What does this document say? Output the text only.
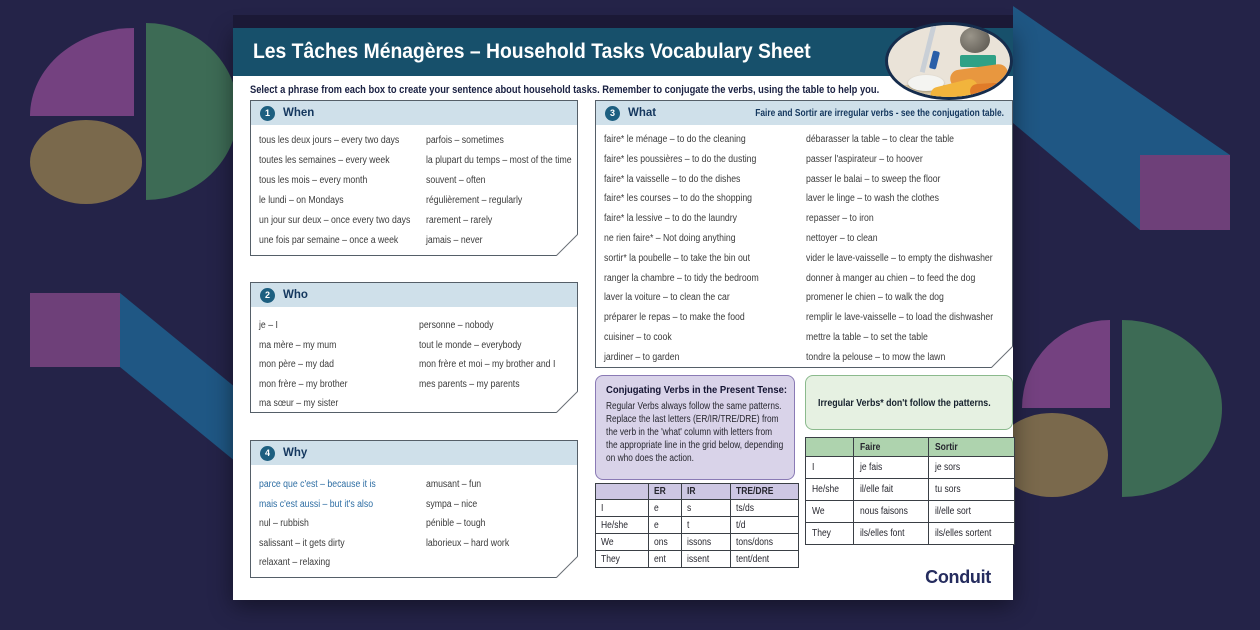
Les Tâches Ménagères – Household Tasks Vocabulary Sheet
Select a phrase from each box to create your sentence about household tasks. Remember to conjugate the verbs, using the table to help you.
1	When
tous les deux jours – every two days
toutes les semaines – every week
tous les mois – every month
le lundi – on Mondays
un jour sur deux – once every two days
une fois par semaine – once a week
parfois – sometimes
la plupart du temps – most of the time
souvent – often
régulièrement – regularly
rarement – rarely
jamais – never
2	Who
je – I
ma mère – my mum
mon père – my dad
mon frère – my brother
ma sœur – my sister
personne – nobody
tout le monde – everybody
mon frère et moi – my brother and I
mes parents – my parents
4	Why
parce que c'est – because it is
mais c'est aussi – but it's also
nul – rubbish
salissant – it gets dirty
relaxant – relaxing
amusant – fun
sympa – nice
pénible – tough
laborieux – hard work
3	What	Faire and Sortir are irregular verbs - see the conjugation table.
faire* le ménage – to do the cleaning
faire* les poussières – to do the dusting
faire* la vaisselle – to do the dishes
faire* les courses – to do the shopping
faire* la lessive – to do the laundry
ne rien faire* – Not doing anything
sortir* la poubelle – to take the bin out
ranger la chambre – to tidy the bedroom
laver la voiture – to clean the car
préparer le repas – to make the food
cuisiner – to cook
jardiner – to garden
débarasser la table – to clear the table
passer l'aspirateur – to hoover
passer le balai – to sweep the floor
laver le linge – to wash the clothes
repasser – to iron
nettoyer – to clean
vider le lave-vaisselle – to empty the dishwasher
donner à manger au chien – to feed the dog
promener le chien – to walk the dog
remplir le lave-vaisselle – to load the dishwasher
mettre la table – to set the table
tondre la pelouse – to mow the lawn
Conjugating Verbs in the Present Tense:
Regular Verbs always follow the same patterns. Replace the last letters (ER/IR/TRE/DRE) from the verb in the 'what' column with letters from the appropriate line in the grid below, depending on who does the action.
Irregular Verbs* don't follow the patterns.
	ER	IR	TRE/DRE
I	e	s	ts/ds
He/she	e	t	t/d
We	ons	issons	tons/dons
They	ent	issent	tent/dent
	Faire	Sortir
I	je fais	je sors
He/she	il/elle fait	tu sors
We	nous faisons	il/elle sort
They	ils/elles font	ils/elles sortent
Conduit
